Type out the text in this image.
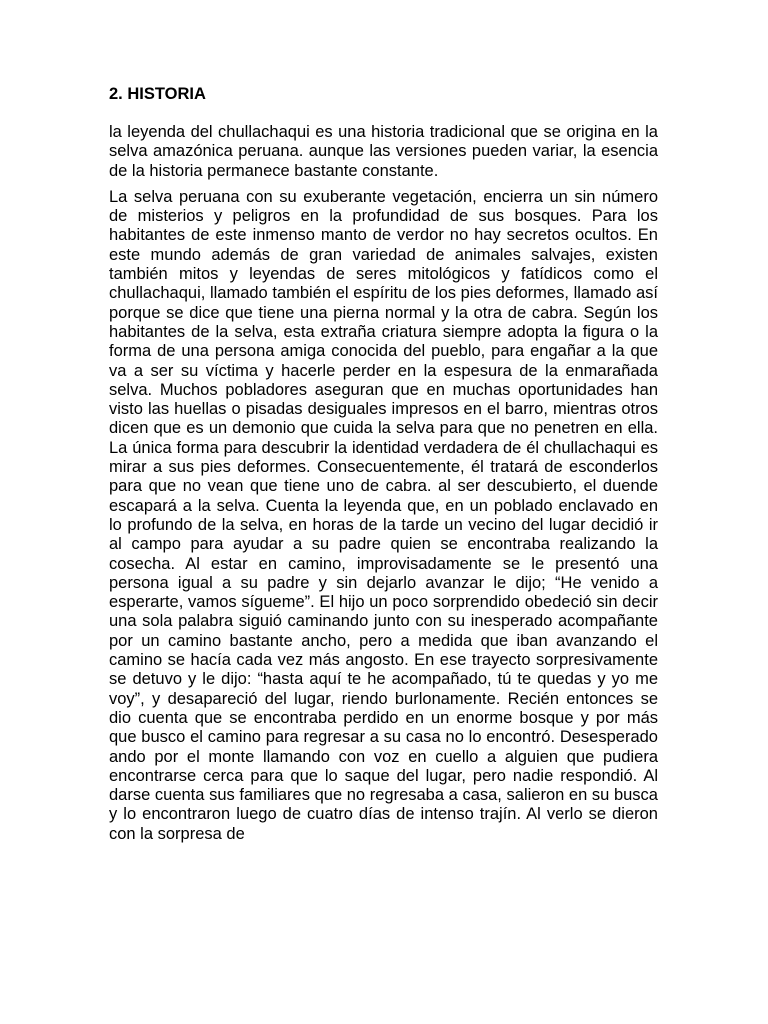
2. HISTORIA

la leyenda del chullachaqui es una historia tradicional que se origina en la selva amazónica peruana. aunque las versiones pueden variar, la esencia de la historia permanece bastante constante.

La selva peruana con su exuberante vegetación, encierra un sin número de misterios y peligros en la profundidad de sus bosques. Para los habitantes de este inmenso manto de verdor no hay secretos ocultos. En este mundo además de gran variedad de animales salvajes, existen también mitos y leyendas de seres mitológicos y fatídicos como el chullachaqui, llamado también el espíritu de los pies deformes, llamado así porque se dice que tiene una pierna normal y la otra de cabra. Según los habitantes de la selva, esta extraña criatura siempre adopta la figura o la forma de una persona amiga conocida del pueblo, para engañar a la que va a ser su víctima y hacerle perder en la espesura de la enmarañada selva. Muchos pobladores aseguran que en muchas oportunidades han visto las huellas o pisadas desiguales impresos en el barro, mientras otros dicen que es un demonio que cuida la selva para que no penetren en ella. La única forma para descubrir la identidad verdadera de él chullachaqui es mirar a sus pies deformes. Consecuentemente, él tratará de esconderlos para que no vean que tiene uno de cabra. al ser descubierto, el duende escapará a la selva. Cuenta la leyenda que, en un poblado enclavado en lo profundo de la selva, en horas de la tarde un vecino del lugar decidió ir al campo para ayudar a su padre quien se encontraba realizando la cosecha. Al estar en camino, improvisadamente se le presentó una persona igual a su padre y sin dejarlo avanzar le dijo; “He venido a esperarte, vamos sígueme”. El hijo un poco sorprendido obedeció sin decir una sola palabra siguió caminando junto con su inesperado acompañante por un camino bastante ancho, pero a medida que iban avanzando el camino se hacía cada vez más angosto. En ese trayecto sorpresivamente se detuvo y le dijo: “hasta aquí te he acompañado, tú te quedas y yo me voy”, y desapareció del lugar, riendo burlonamente. Recién entonces se dio cuenta que se encontraba perdido en un enorme bosque y por más que busco el camino para regresar a su casa no lo encontró. Desesperado ando por el monte llamando con voz en cuello a alguien que pudiera encontrarse cerca para que lo saque del lugar, pero nadie respondió. Al darse cuenta sus familiares que no regresaba a casa, salieron en su busca y lo encontraron luego de cuatro días de intenso trajín. Al verlo se dieron con la sorpresa de
